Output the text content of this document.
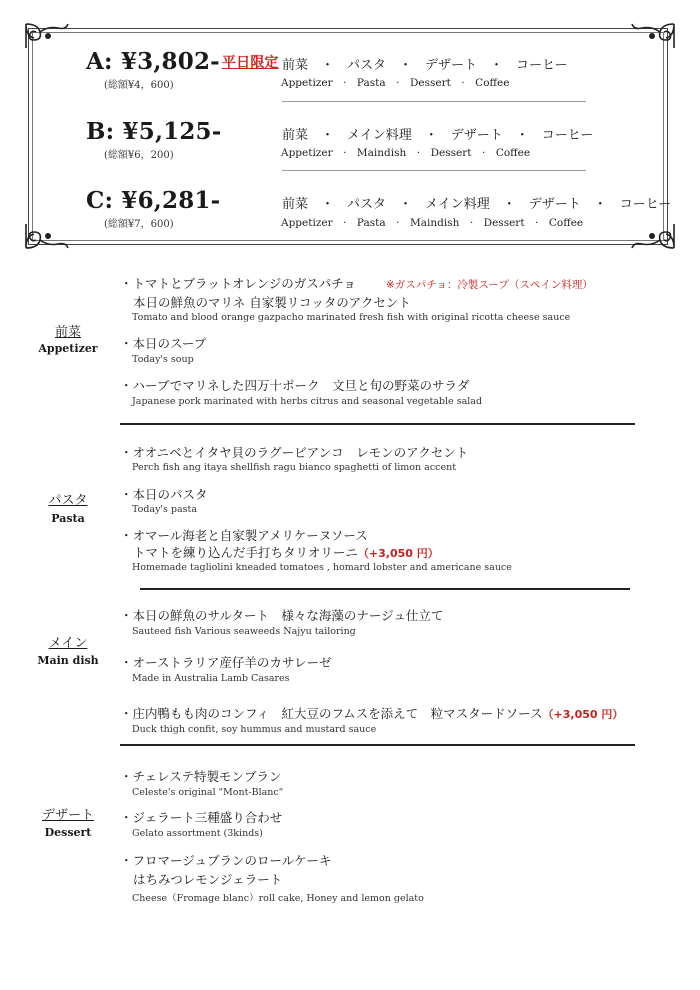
A: ¥3,802- 平日限定
(総額¥4，600)
前菜　・　パスタ　・　デザート　・　コーヒー
Appetizer　·　Pasta　·　Dessert　·　Coffee
B: ¥5,125-
(総額¥6，200)
前菜　・　メイン料理　・　デザート　・　コーヒー
Appetizer　·　Maindish　·　Dessert　·　Coffee
C: ¥6,281-
(総額¥7，600)
前菜　・　パスタ　・　メイン料理　・　デザート　・　コーヒー
Appetizer　·　Pasta　·　Maindish　·　Dessert　·　Coffee
前菜
Appetizer
・トマトとブラットオレンジのガスパチョ	※ガスパチョ：冷製スープ（スペイン料理）
本日の鮮魚のマリネ 自家製リコッタのアクセント
Tomato and blood orange gazpacho marinated fresh fish with original ricotta cheese sauce
・本日のスープ
Today's soup
・ハーブでマリネした四万十ポーク　文旦と旬の野菜のサラダ
Japanese pork marinated with herbs citrus and seasonal vegetable salad
パスタ
Pasta
・オオニベとイタヤ貝のラグービアンコ　レモンのアクセント
Perch fish ang itaya shellfish ragu bianco spaghetti of limon accent
・本日のパスタ
Today's pasta
・オマール海老と自家製アメリケーヌソース
トマトを練り込んだ手打ちタリオリーニ（+3,050 円）
Homemade tagliolini kneaded tomatoes , homard lobster and americane sauce
メイン
Main dish
・本日の鮮魚のサルタート　様々な海藻のナージュ仕立て
Sauteed fish Various seaweeds Najyu tailoring
・オーストラリア産仔羊のカサレーゼ
Made in Australia Lamb Casares
・庄内鴨もも肉のコンフィ　紅大豆のフムスを添えて　粒マスタードソース（+3,050 円）
Duck thigh confit, soy hummus and mustard sauce
デザート
Dessert
・チェレステ特製モンブラン
Celeste's original "Mont-Blanc"
・ジェラート三種盛り合わせ
Gelato assortment (3kinds)
・フロマージュブランのロールケーキ
はちみつレモンジェラート
Cheese（Fromage blanc）roll cake, Honey and lemon gelato
